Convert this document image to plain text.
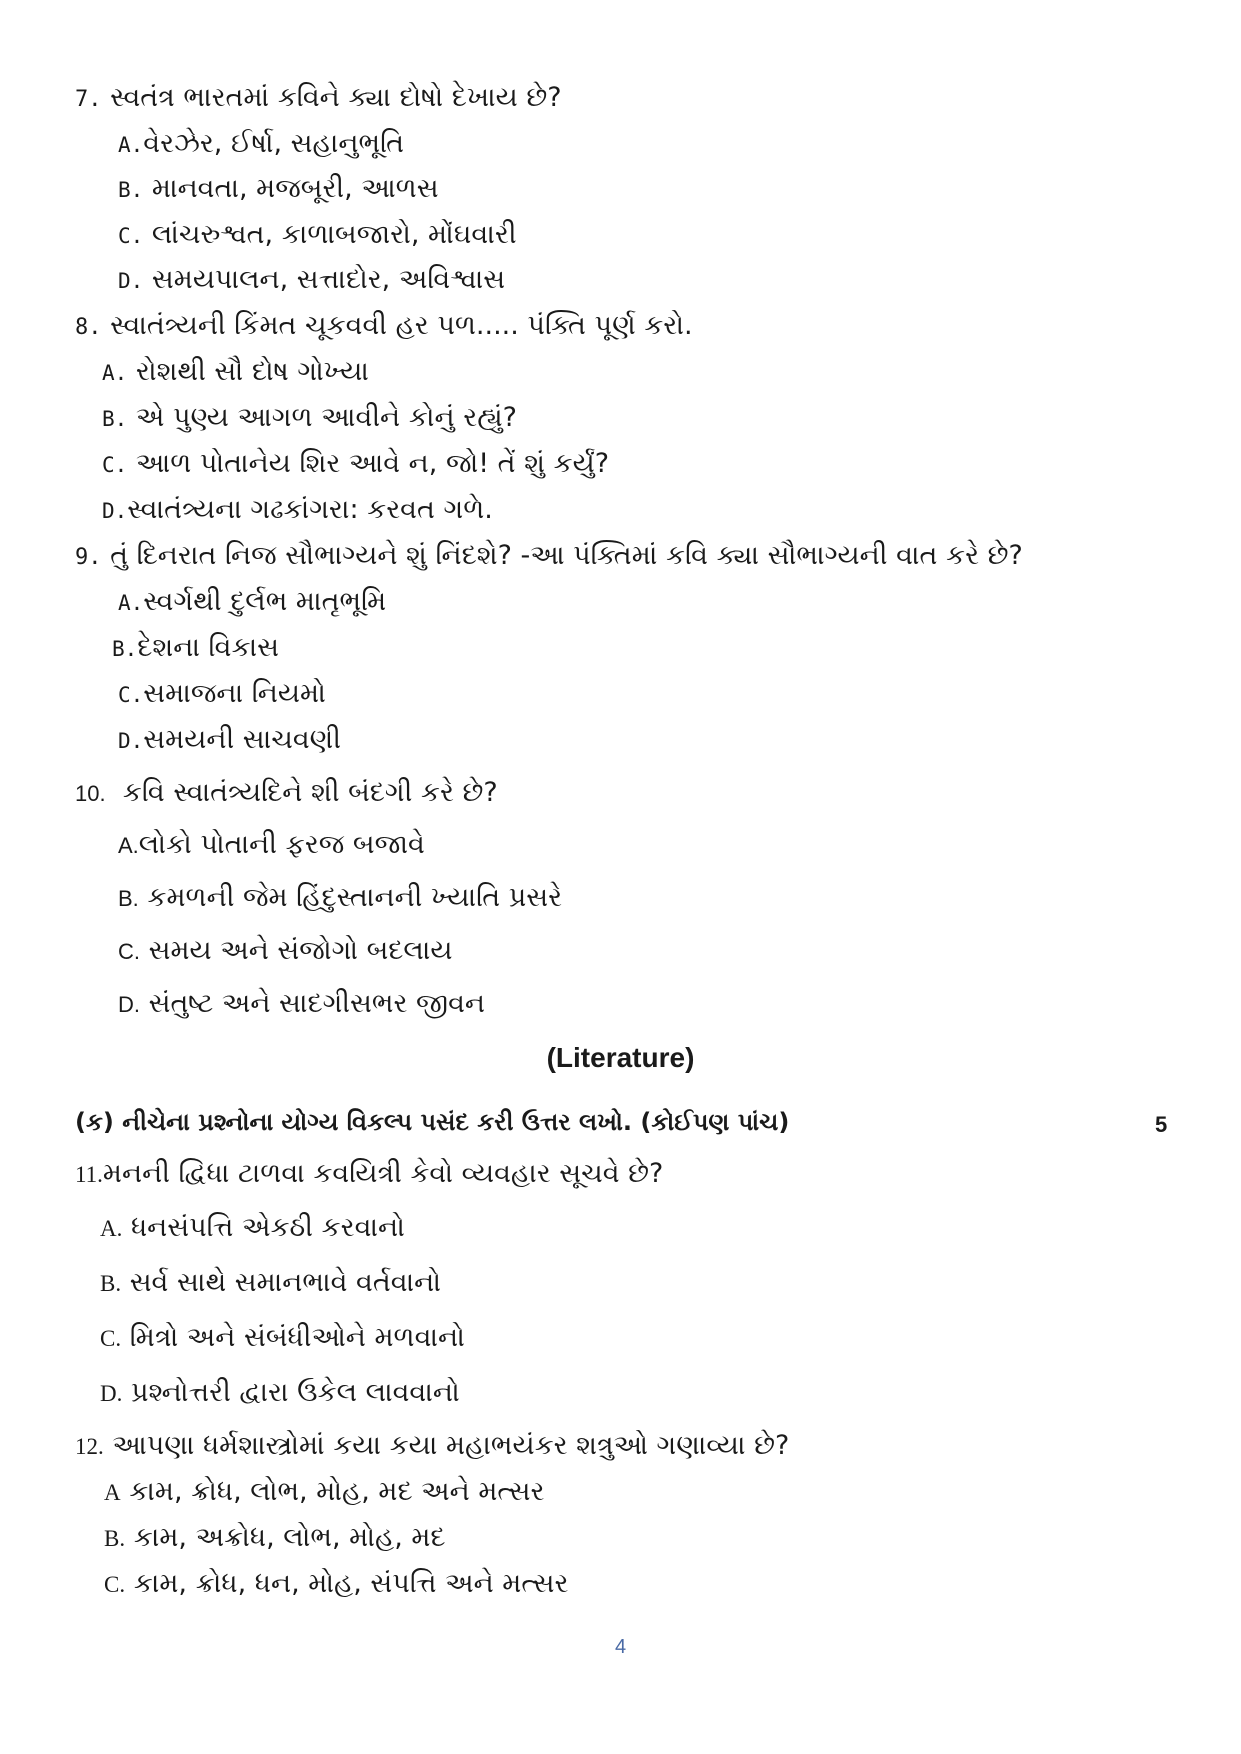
7. સ્વતંત્ર ભારતમાં કવિને ક્યા દોષો દેખાય છે?
A.વેરઝેર, ઈર્ષા, સહાનુભૂતિ
B. માનવતા, મજબૂરી, આળસ
C. લાંચરુશ્વત, કાળાબજારો, મોંઘવારી
D. સમયપાલન, સત્તાદોર, અવિશ્વાસ
8. સ્વાતંત્ર્યની કિંમત ચૂકવવી હર પળ..... પંક્તિ પૂર્ણ કરો.
A. રોશથી સૌ દોષ ગોખ્યા
B. એ પુણ્ય આગળ આવીને કોનું રહ્યું?
C. આળ પોતાનેય શિર આવે ન, જો! તેં શું કર્યું?
D.સ્વાતંત્ર્યના ગઢકાંગરા: કરવત ગળે.
9. તું દિનરાત નિજ સૌભાગ્યને શું નિંદશે? -આ પંક્તિમાં કવિ ક્યા સૌભાગ્યની વાત કરે છે?
A.સ્વર્ગથી દુર્લભ માતૃભૂમિ
B.દેશના વિકાસ
C.સમાજના નિયમો
D.સમયની સાચવણી
10. કવિ સ્વાતંત્ર્યદિને શી બંદગી કરે છે?
A.લોકો પોતાની ફરજ બજાવે
B. કમળની જેમ હિંદુસ્તાનની ખ્યાતિ પ્રસરે
C. સમય અને સંજોગો બદલાય
D. સંતુષ્ટ અને સાદગીસભર જીવન
(Literature)
(ક) નીચેના પ્રશ્નોના યોગ્ય વિકલ્પ પસંદ કરી ઉત્તર લખો. (કોઈપણ પાંચ)	5
11.મનની દ્વિધા ટાળવા કવયિત્રી કેવો વ્યવહાર સૂચવે છે?
A. ધનસંપત્તિ એકઠી કરવાનો
B. સર્વ સાથે સમાનભાવે વર્તવાનો
C. મિત્રો અને સંબંધીઓને મળવાનો
D. પ્રશ્નોત્તરી દ્વારા ઉકેલ લાવવાનો
12. આપણા ધર્મશાસ્ત્રોમાં કયા કયા મહાભયંકર શત્રુઓ ગણાવ્યા છે?
A કામ, ક્રોધ, લોભ, મોહ, મદ અને મત્સર
B. કામ, અક્રોધ, લોભ, મોહ, મદ
C. કામ, ક્રોધ, ધન, મોહ, સંપત્તિ અને મત્સર
4
